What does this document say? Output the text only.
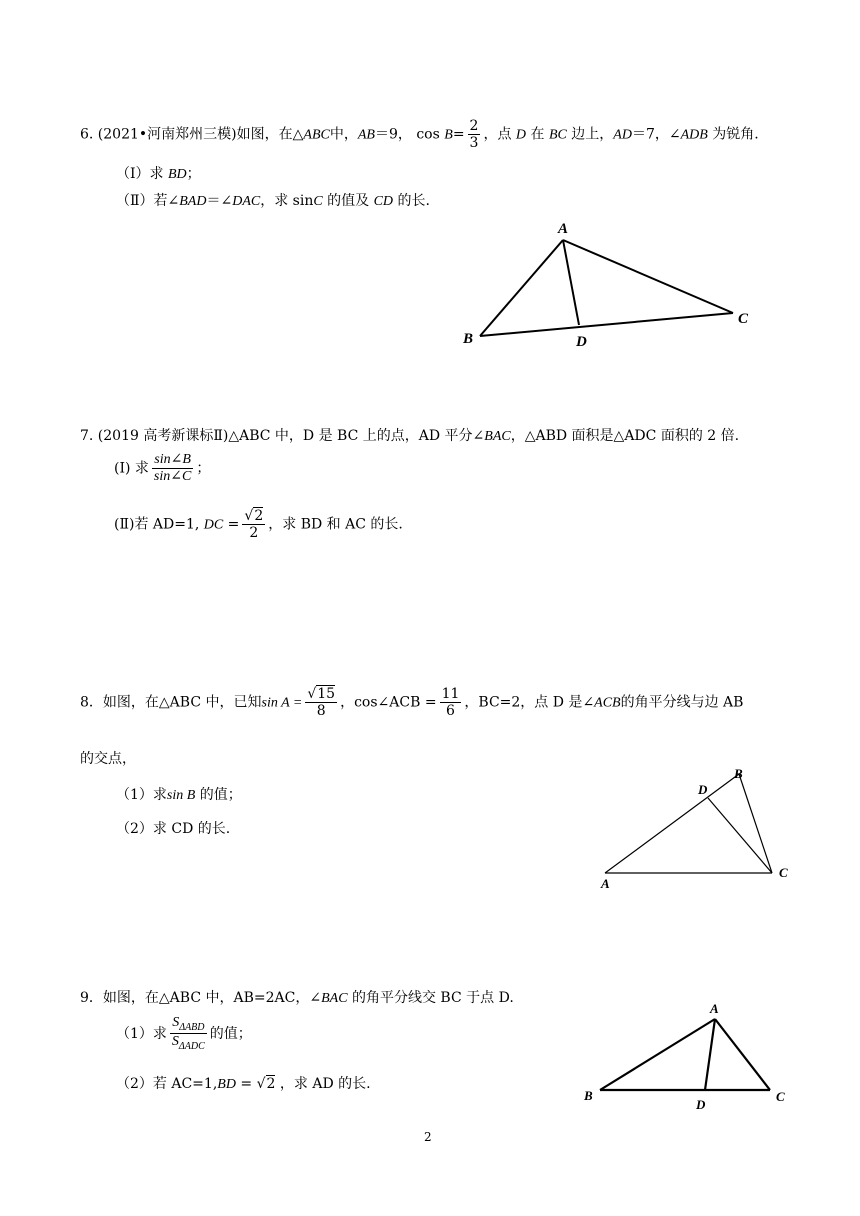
6. (2021•河南郑州三模)如图，在△ABC中，AB＝9， $\cos B= \frac{2}{3}$ ，点 D 在 BC 边上，AD＝7，∠ADB 为锐角.
（Ⅰ）求 BD；
（Ⅱ）若∠BAD＝∠DAC，求 sinC 的值及 CD 的长.
A
B
C
D
7. (2019 高考新课标Ⅱ)△ABC 中，D 是 BC 上的点，AD 平分∠BAC，△ABD 面积是△ADC 面积的 2 倍.
(Ⅰ) 求 $\frac{\sin\angle B}{\sin\angle C}$ ；
(Ⅱ)若 AD=1, DC = $\frac{√2}{2}$ ，求 BD 和 AC 的长.
8．如图，在△ABC 中，已知$\sin A = \frac{√15}{8}$ ，cos∠ACB = $\frac{11}{6}$ ，BC=2，点 D 是∠ACB的角平分线与边 AB
的交点，
（1）求sin B 的值；
（2）求 CD 的长.
A
B
C
D
9．如图，在△ABC 中，AB=2AC，∠BAC 的角平分线交 BC 于点 D.
（1）求 $\frac{S_{\Delta ABD}}{S_{\Delta ADC}}$ 的值；
（2）若 AC=1,BD = √2 ，求 AD 的长.
A
B	C
D
2
